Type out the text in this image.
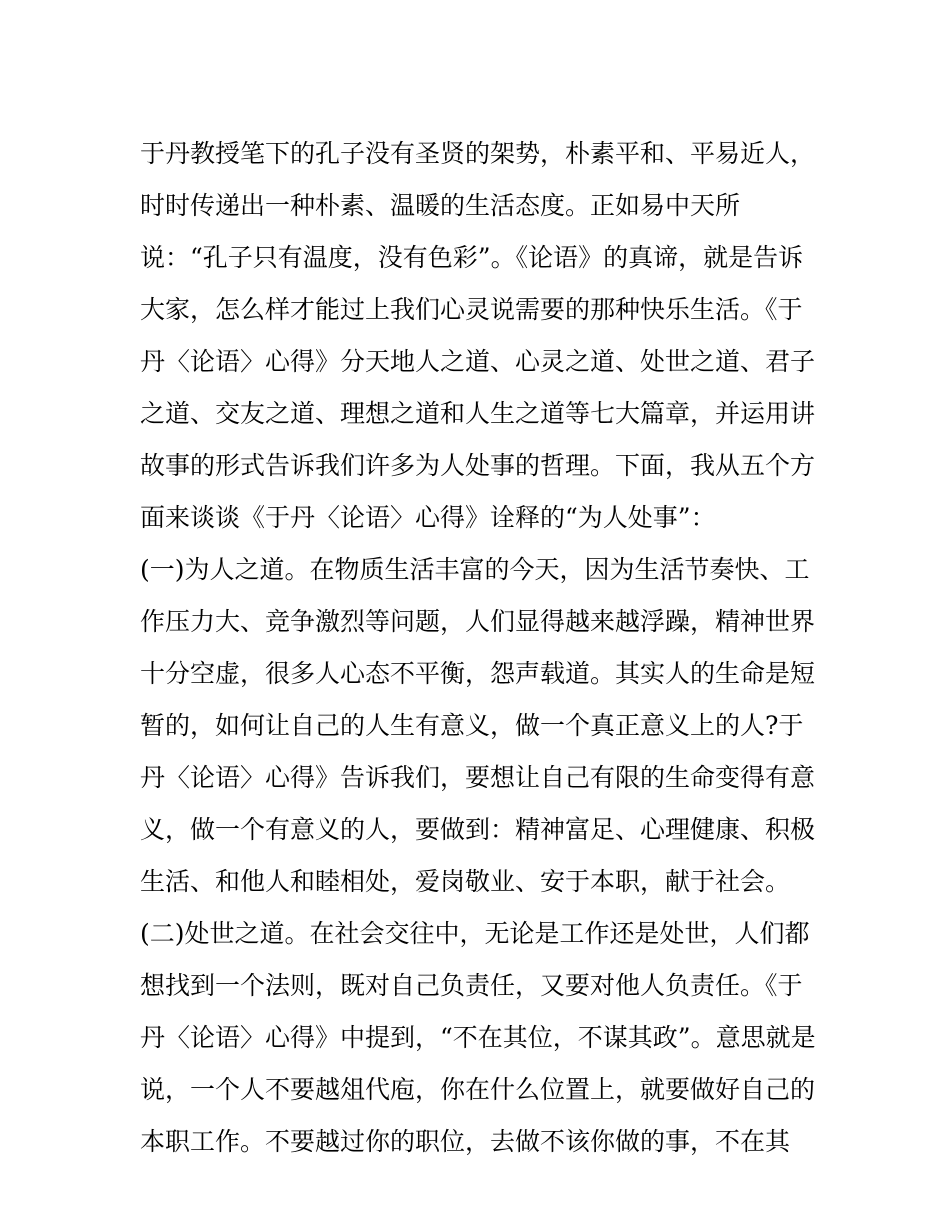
于丹教授笔下的孔子没有圣贤的架势，朴素平和、平易近人，
时时传递出一种朴素、温暖的生活态度。正如易中天所
说：“孔子只有温度，没有色彩”。《论语》的真谛，就是告诉
大家，怎么样才能过上我们心灵说需要的那种快乐生活。《于
丹〈论语〉心得》分天地人之道、心灵之道、处世之道、君子
之道、交友之道、理想之道和人生之道等七大篇章，并运用讲
故事的形式告诉我们许多为人处事的哲理。下面，我从五个方
面来谈谈《于丹〈论语〉心得》诠释的“为人处事”：
(一)为人之道。在物质生活丰富的今天，因为生活节奏快、工
作压力大、竞争激烈等问题，人们显得越来越浮躁，精神世界
十分空虚，很多人心态不平衡，怨声载道。其实人的生命是短
暂的，如何让自己的人生有意义，做一个真正意义上的人?于
丹〈论语〉心得》告诉我们，要想让自己有限的生命变得有意
义，做一个有意义的人，要做到：精神富足、心理健康、积极
生活、和他人和睦相处，爱岗敬业、安于本职，献于社会。
(二)处世之道。在社会交往中，无论是工作还是处世，人们都
想找到一个法则，既对自己负责任，又要对他人负责任。《于
丹〈论语〉心得》中提到，“不在其位，不谋其政”。意思就是
说，一个人不要越俎代庖，你在什么位置上，就要做好自己的
本职工作。不要越过你的职位，去做不该你做的事，不在其
